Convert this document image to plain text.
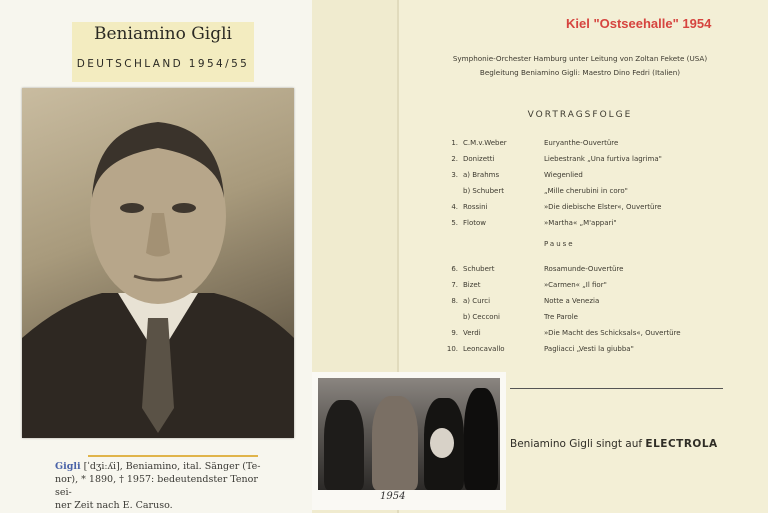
Beniamino Gigli
DEUTSCHLAND 1954/55
Gigli [ˈdʒiːʎi], Beniamino, ital. Sänger (Te-
nor), * 1890, † 1957: bedeutendster Tenor sei-
ner Zeit nach E. Caruso.
Kiel "Ostseehalle" 1954
Symphonie-Orchester Hamburg unter Leitung von Zoltan Fekete (USA)
Begleitung Beniamino Gigli: Maestro Dino Fedri (Italien)
VORTRAGSFOLGE
1. C.M.v.Weber	Euryanthe-Ouvertüre
2. Donizetti	Liebestrank „Una furtiva lagrima"
3. a) Brahms	Wiegenlied
b) Schubert	„Mille cherubini in coro"
4. Rossini	»Die diebische Elster«, Ouvertüre
5. Flotow	»Martha« „M'appari"
Pause
6. Schubert	Rosamunde-Ouvertüre
7. Bizet	»Carmen« „Il fior"
8. a) Curci	Notte a Venezia
b) Cecconi	Tre Parole
9. Verdi	»Die Macht des Schicksals«, Ouvertüre
10. Leoncavallo	Pagliacci „Vesti la giubba"
Beniamino Gigli singt auf ELECTROLA
1954
